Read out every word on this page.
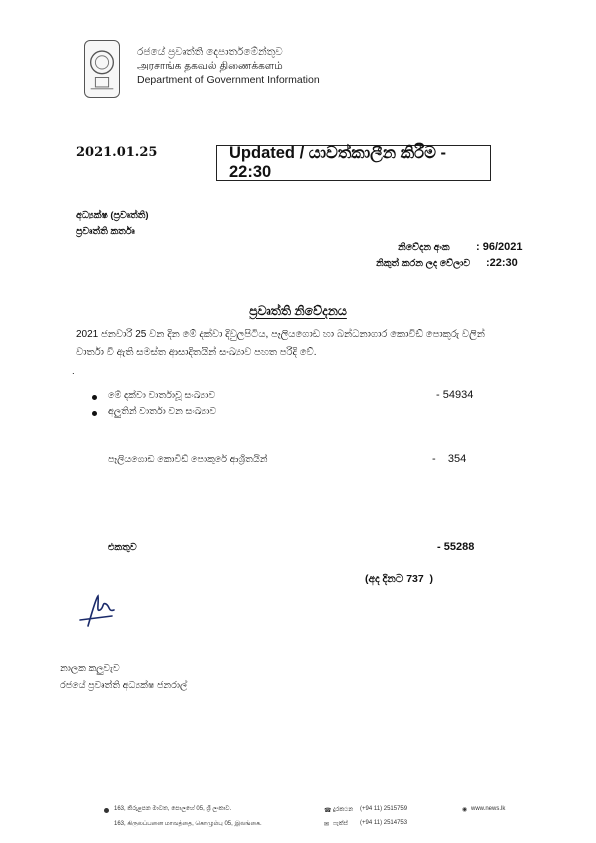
රජයේ ප්‍රවෘත්ති දෙපාර්තමේන්තුව
அரசாங்க தகவல் திணைக்களம்
Department of Government Information
2021.01.25	Updated / යාවත්කාලීන කිරීම - 22:30
අධ්‍යක්ෂ (ප්‍රවෘත්ති)
ප්‍රවෘත්ති කර්තෘ
නිවේදන අංක : 96/2021
නිකුත් කරන ලද වේලාව :22:30
ප්‍රවෘත්ති නිවේදනය
2021 ජනවාරි 25 වන දින මේ දක්වා දිවුලපිටිය, පෑලියගොඩ හා බන්ධනාගාර කොවිඩ් පොකුරු වලින්
වාර්තා වී ඇති සමස්ත ආසාදිතයින් සංඛ්‍යාව පහත පරිදි වේ.
.
මේ දක්වා වාර්තාවූ සංඛ්‍යාව	- 54934
අලුතින් වාර්තා වන සංඛ්‍යාව
පෑලියගොඩ කොවිඩ් පොකුරේ ආශ්‍රිතයින්	-    354
එකතුව	- 55288
(අද දිනට 737  )
නාලක කලුවැව
රජයේ ප්‍රවෘත්ති අධ්‍යක්ෂ ජනරාල්
163, කිරුළපන මාවත, පොලහේ 05, ශ්‍රී ලංකාව.
163, கிருலப்பனை மாவத்தை, கொழும்பு 05, இலங்கை.
☎ දුරකථන (+94 11) 2515759
✉ ෆැක්ස් (+94 11) 2514753
◉ www.news.lk
